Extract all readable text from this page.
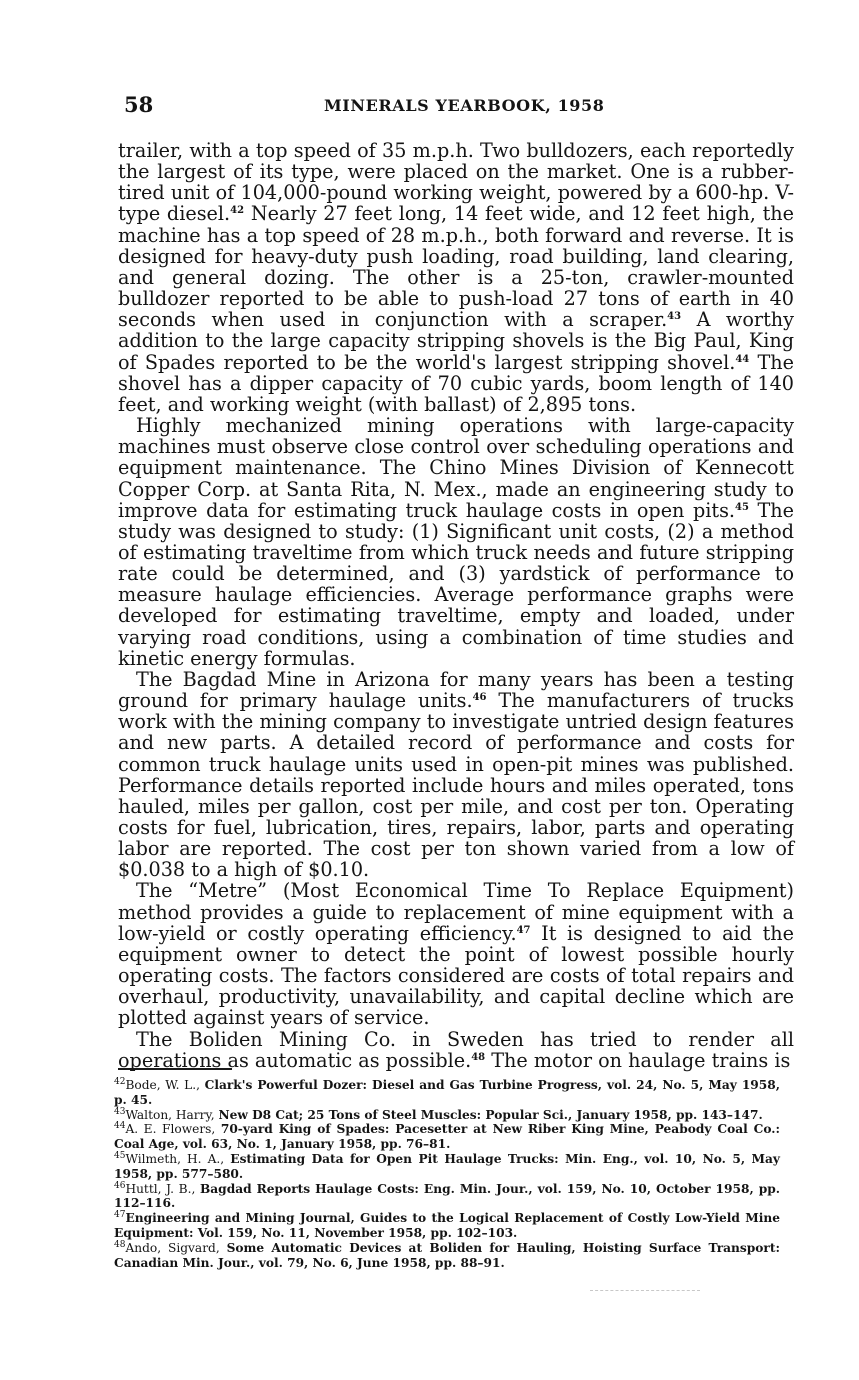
58	MINERALS YEARBOOK, 1958

trailer, with a top speed of 35 m.p.h. Two bulldozers, each reportedly the largest of its type, were placed on the market. One is a rubber-tired unit of 104,000-pound working weight, powered by a 600-hp. V-type diesel.$^{42}$ Nearly 27 feet long, 14 feet wide, and 12 feet high, the machine has a top speed of 28 m.p.h., both forward and reverse. It is designed for heavy-duty push loading, road building, land clearing, and general dozing. The other is a 25-ton, crawler-mounted bulldozer reported to be able to push-load 27 tons of earth in 40 seconds when used in conjunction with a scraper.$^{43}$ A worthy addition to the large capacity stripping shovels is the Big Paul, King of Spades reported to be the world's largest stripping shovel.$^{44}$ The shovel has a dipper capacity of 70 cubic yards, boom length of 140 feet, and working weight (with ballast) of 2,895 tons.

Highly mechanized mining operations with large-capacity machines must observe close control over scheduling operations and equipment maintenance. The Chino Mines Division of Kennecott Copper Corp. at Santa Rita, N. Mex., made an engineering study to improve data for estimating truck haulage costs in open pits.$^{45}$ The study was designed to study: (1) Significant unit costs, (2) a method of estimating traveltime from which truck needs and future stripping rate could be determined, and (3) yardstick of performance to measure haulage efficiencies. Average performance graphs were developed for estimating traveltime, empty and loaded, under varying road conditions, using a combination of time studies and kinetic energy formulas.

The Bagdad Mine in Arizona for many years has been a testing ground for primary haulage units.$^{46}$ The manufacturers of trucks work with the mining company to investigate untried design features and new parts. A detailed record of performance and costs for common truck haulage units used in open-pit mines was published. Performance details reported include hours and miles operated, tons hauled, miles per gallon, cost per mile, and cost per ton. Operating costs for fuel, lubrication, tires, repairs, labor, parts and operating labor are reported. The cost per ton shown varied from a low of $0.038 to a high of $0.10.

The “Metre” (Most Economical Time To Replace Equipment) method provides a guide to replacement of mine equipment with a low-yield or costly operating efficiency.$^{47}$ It is designed to aid the equipment owner to detect the point of lowest possible hourly operating costs. The factors considered are costs of total repairs and overhaul, productivity, unavailability, and capital decline which are plotted against years of service.

The Boliden Mining Co. in Sweden has tried to render all operations as automatic as possible.$^{48}$ The motor on haulage trains is

$^{42}$Bode, W. L., Clark's Powerful Dozer: Diesel and Gas Turbine Progress, vol. 24, No. 5, May 1958, p. 45.

$^{43}$Walton, Harry, New D8 Cat; 25 Tons of Steel Muscles: Popular Sci., January 1958, pp. 143–147.

$^{44}$A. E. Flowers, 70-yard King of Spades: Pacesetter at New Riber King Mine, Peabody Coal Co.: Coal Age, vol. 63, No. 1, January 1958, pp. 76–81.

$^{45}$Wilmeth, H. A., Estimating Data for Open Pit Haulage Trucks: Min. Eng., vol. 10, No. 5, May 1958, pp. 577–580.

$^{46}$Huttl, J. B., Bagdad Reports Haulage Costs: Eng. Min. Jour., vol. 159, No. 10, October 1958, pp. 112–116.

$^{47}$Engineering and Mining Journal, Guides to the Logical Replacement of Costly Low-Yield Mine Equipment: Vol. 159, No. 11, November 1958, pp. 102–103.

$^{48}$Ando, Sigvard, Some Automatic Devices at Boliden for Hauling, Hoisting Surface Transport: Canadian Min. Jour., vol. 79, No. 6, June 1958, pp. 88–91.
